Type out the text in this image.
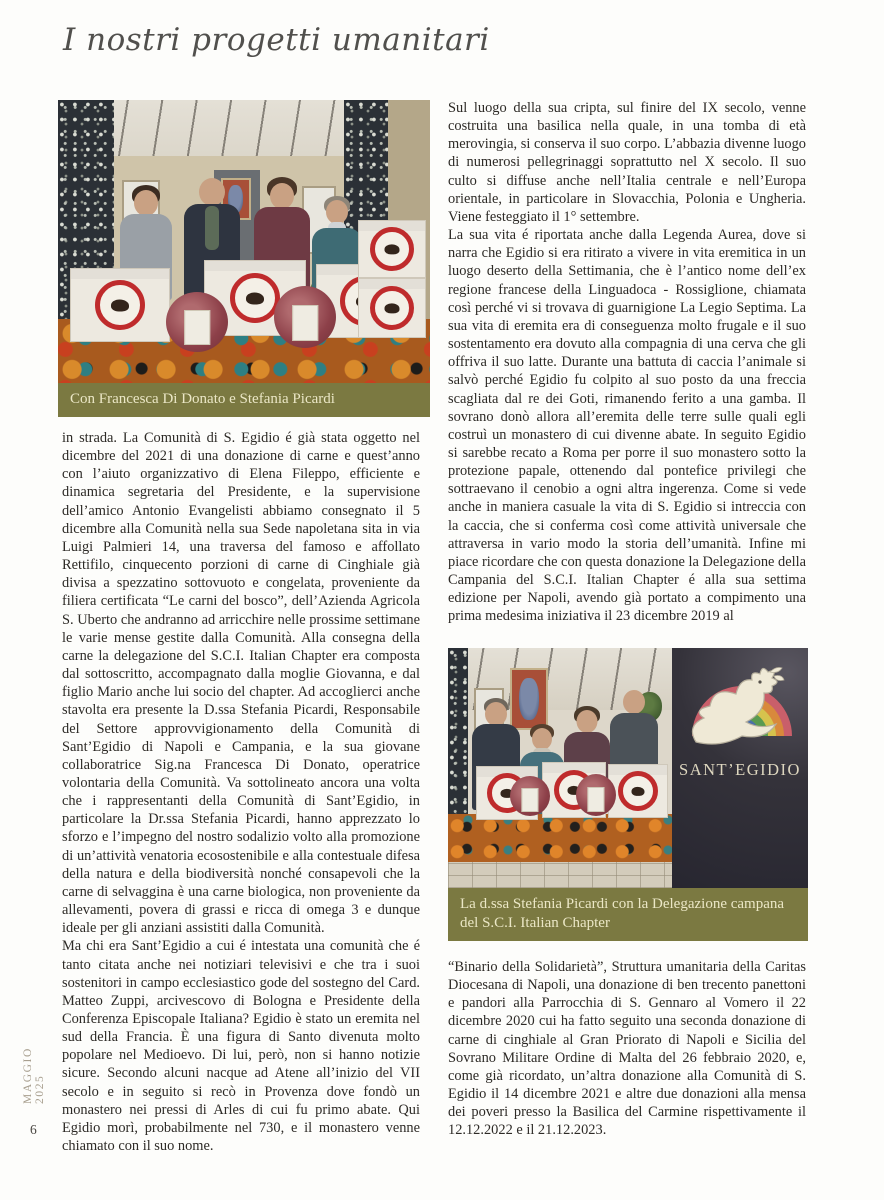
I nostri progetti umanitari
MAGGIO 2025
6
Con Francesca Di Donato e Stefania Picardi

in strada. La Comunità di S. Egidio é già stata oggetto nel dicembre del 2021 di una donazione di carne e quest’anno con l’aiuto organizzativo di Elena Fileppo, efficiente e dinamica segretaria del Presidente, e la supervisione dell’amico Antonio Evangelisti abbiamo consegnato il 5 dicembre alla Comunità nella sua Sede napoletana sita in via Luigi Palmieri 14, una traversa del famoso e affollato Rettifilo, cinquecento porzioni di carne di Cinghiale già divisa a spezzatino sottovuoto e congelata, proveniente da filiera certificata “Le carni del bosco”, dell’Azienda Agricola S. Uberto che andranno ad arricchire nelle prossime settimane le varie mense gestite dalla Comunità. Alla consegna della carne la delegazione del S.C.I. Italian Chapter era composta dal sottoscritto, accompagnato dalla moglie Giovanna, e dal figlio Mario anche lui socio del chapter. Ad accoglierci anche stavolta era presente la D.ssa Stefania Picardi, Responsabile del Settore approvvigionamento della Comunità di Sant’Egidio di Napoli e Campania, e la sua giovane collaboratrice Sig.na Francesca Di Donato, operatrice volontaria della Comunità. Va sottolineato ancora una volta che i rappresentanti della Comunità di Sant’Egidio, in particolare la Dr.ssa Stefania Picardi, hanno apprezzato lo sforzo e l’impegno del nostro sodalizio volto alla promozione di un’attività venatoria ecosostenibile e alla contestuale difesa della natura e della biodiversità nonché consapevoli che la carne di selvaggina è una carne biologica, non proveniente da allevamenti, povera di grassi e ricca di omega 3 e dunque ideale per gli anziani assistiti dalla Comunità.

Ma chi era Sant’Egidio a cui é intestata una comunità che é tanto citata anche nei notiziari televisivi e che tra i suoi sostenitori in campo ecclesiastico gode del sostegno del Card. Matteo Zuppi, arcivescovo di Bologna e Presidente della Conferenza Episcopale Italiana? Egidio è stato un eremita nel sud della Francia. È una figura di Santo divenuta molto popolare nel Medioevo. Di lui, però, non si hanno notizie sicure. Secondo alcuni nacque ad Atene all’inizio del VII secolo e in seguito si recò in Provenza dove fondò un monastero nei pressi di Arles di cui fu primo abate. Qui Egidio morì, probabilmente nel 730, e il monastero venne chiamato con il suo nome.

Sul luogo della sua cripta, sul finire del IX secolo, venne costruita una basilica nella quale, in una tomba di età merovingia, si conserva il suo corpo. L’abbazia divenne luogo di numerosi pellegrinaggi soprattutto nel X secolo. Il suo culto si diffuse anche nell’Italia centrale e nell’Europa orientale, in particolare in Slovacchia, Polonia e Ungheria. Viene festeggiato il 1° settembre.

La sua vita é riportata anche dalla Legenda Aurea, dove si narra che Egidio si era ritirato a vivere in vita eremitica in un luogo deserto della Settimania, che è l’antico nome dell’ex regione francese della Linguadoca - Rossiglione, chiamata così perché vi si trovava di guarnigione La Legio Septima. La sua vita di eremita era di conseguenza molto frugale e il suo sostentamento era dovuto alla compagnia di una cerva che gli offriva il suo latte. Durante una battuta di caccia l’animale si salvò perché Egidio fu colpito al suo posto da una freccia scagliata dal re dei Goti, rimanendo ferito a una gamba. Il sovrano donò allora all’eremita delle terre sulle quali egli costruì un monastero di cui divenne abate. In seguito Egidio si sarebbe recato a Roma per porre il suo monastero sotto la protezione papale, ottenendo dal pontefice privilegi che sottraevano il cenobio a ogni altra ingerenza. Come si vede anche in maniera casuale la vita di S. Egidio si intreccia con la caccia, che si conferma così come attività universale che attraversa in vario modo la storia dell’umanità. Infine mi piace ricordare che con questa donazione la Delegazione della Campania del S.C.I. Italian Chapter é alla sua settima edizione per Napoli, avendo già portato a compimento una prima medesima iniziativa il 23 dicembre 2019 al

SANT’EGIDIO
La d.ssa Stefania Picardi con la Delegazione campana del S.C.I. Italian Chapter

“Binario della Solidarietà”, Struttura umanitaria della Caritas Diocesana di Napoli, una donazione di ben trecento panettoni e pandori alla Parrocchia di S. Gennaro al Vomero il 22 dicembre 2020 cui ha fatto seguito una seconda donazione di carne di cinghiale al Gran Priorato di Napoli e Sicilia del Sovrano Militare Ordine di Malta del 26 febbraio 2020, e, come già ricordato, un’altra donazione alla Comunità di S. Egidio il 14 dicembre 2021 e altre due donazioni alla mensa dei poveri presso la Basilica del Carmine rispettivamente il 12.12.2022 e il 21.12.2023.
